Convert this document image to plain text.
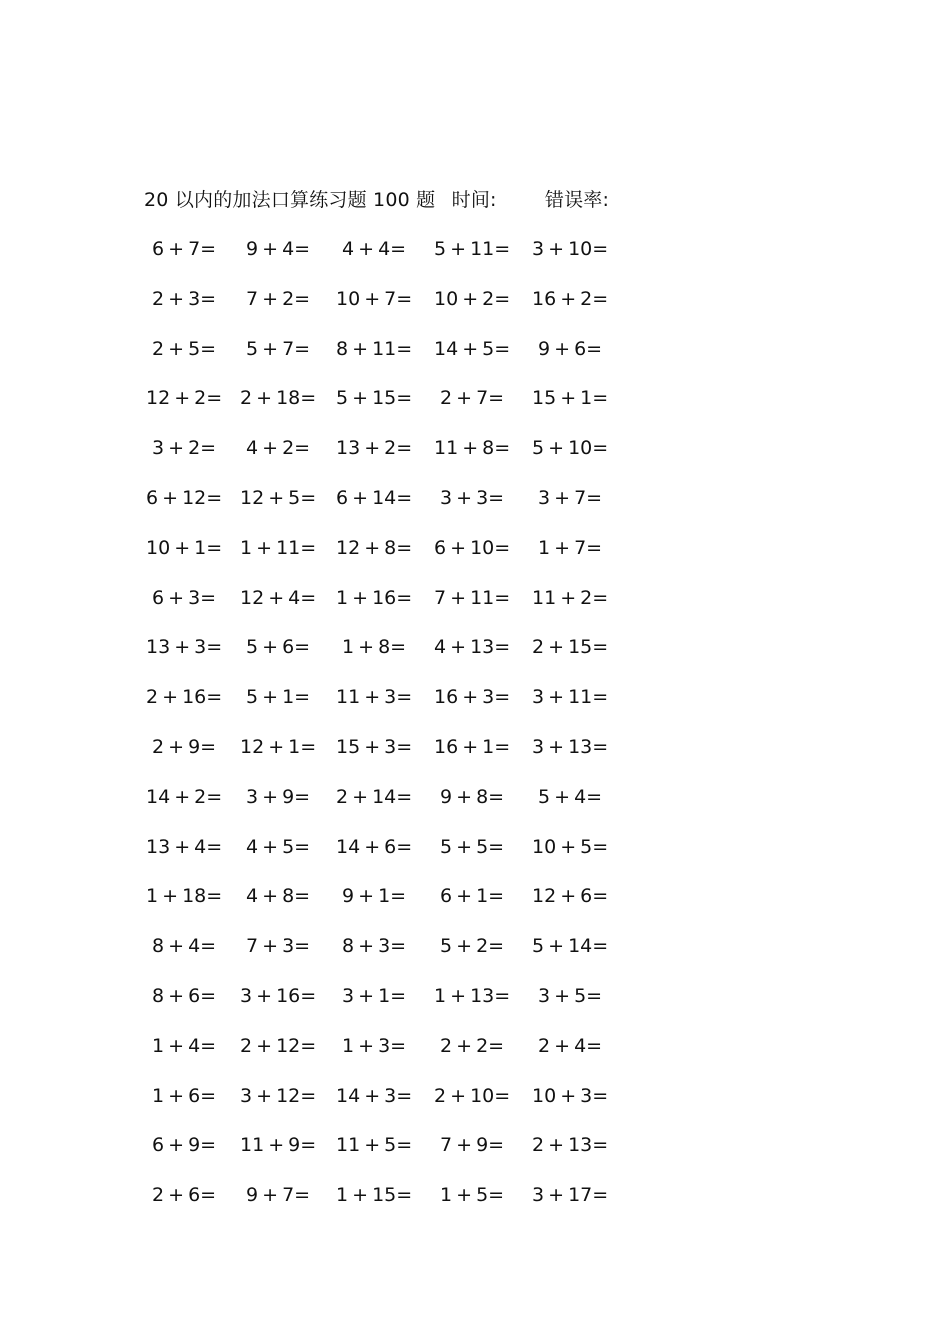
20 以内的加法口算练习题 100 题 时间:	错误率:
6 + 7= 9 + 4= 4 + 4= 5 + 11= 3 + 10=
2 + 3= 7 + 2= 10 + 7= 10 + 2= 16 + 2=
2 + 5= 5 + 7= 8 + 11= 14 + 5= 9 + 6=
12 + 2= 2 + 18= 5 + 15= 2 + 7= 15 + 1=
3 + 2= 4 + 2= 13 + 2= 11 + 8= 5 + 10=
6 + 12= 12 + 5= 6 + 14= 3 + 3= 3 + 7=
10 + 1= 1 + 11= 12 + 8= 6 + 10= 1 + 7=
6 + 3= 12 + 4= 1 + 16= 7 + 11= 11 + 2=
13 + 3= 5 + 6= 1 + 8= 4 + 13= 2 + 15=
2 + 16= 5 + 1= 11 + 3= 16 + 3= 3 + 11=
2 + 9= 12 + 1= 15 + 3= 16 + 1= 3 + 13=
14 + 2= 3 + 9= 2 + 14= 9 + 8= 5 + 4=
13 + 4= 4 + 5= 14 + 6= 5 + 5= 10 + 5=
1 + 18= 4 + 8= 9 + 1= 6 + 1= 12 + 6=
8 + 4= 7 + 3= 8 + 3= 5 + 2= 5 + 14=
8 + 6= 3 + 16= 3 + 1= 1 + 13= 3 + 5=
1 + 4= 2 + 12= 1 + 3= 2 + 2= 2 + 4=
1 + 6= 3 + 12= 14 + 3= 2 + 10= 10 + 3=
6 + 9= 11 + 9= 11 + 5= 7 + 9= 2 + 13=
2 + 6= 9 + 7= 1 + 15= 1 + 5= 3 + 17=
